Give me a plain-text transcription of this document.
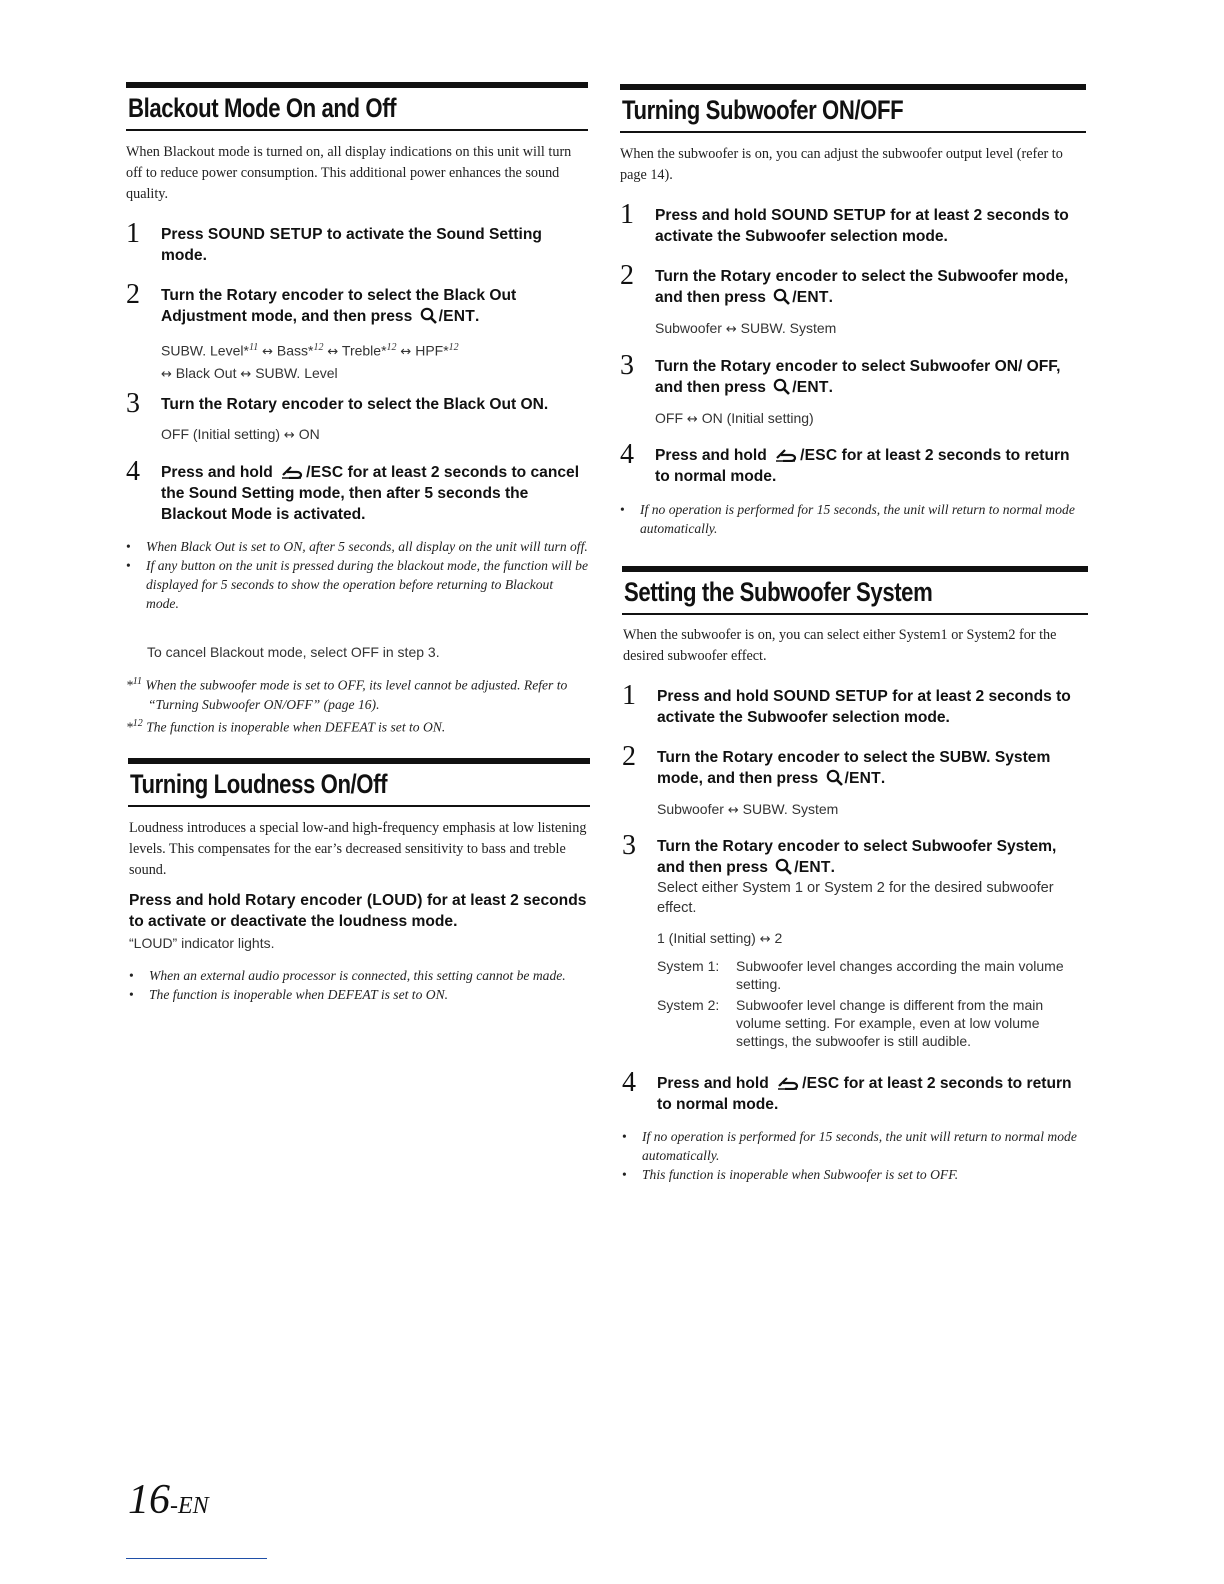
Blackout Mode On and Off
When Blackout mode is turned on, all display indications on this unit will turn off to reduce power consumption. This additional power enhances the sound quality.
1 Press SOUND SETUP to activate the Sound Setting mode.
2 Turn the Rotary encoder to select the Black Out Adjustment mode, and then press /ENT.
SUBW. Level*$^{11}$ ↔ Bass*$^{12}$ ↔ Treble*$^{12}$ ↔ HPF*$^{12}$
↔ Black Out ↔ SUBW. Level
3 Turn the Rotary encoder to select the Black Out ON.
OFF (Initial setting) ↔ ON
4 Press and hold /ESC for at least 2 seconds to cancel the Sound Setting mode, then after 5 seconds the Blackout Mode is activated.
• When Black Out is set to ON, after 5 seconds, all display on the unit will turn off.
• If any button on the unit is pressed during the blackout mode, the function will be displayed for 5 seconds to show the operation before returning to Blackout mode.
To cancel Blackout mode, select OFF in step 3.
*$^{11}$ When the subwoofer mode is set to OFF, its level cannot be adjusted. Refer to “Turning Subwoofer ON/OFF” (page 16).
*$^{12}$ The function is inoperable when DEFEAT is set to ON.
Turning Loudness On/Off
Loudness introduces a special low-and high-frequency emphasis at low listening levels. This compensates for the ear’s decreased sensitivity to bass and treble sound.
Press and hold Rotary encoder (LOUD) for at least 2 seconds to activate or deactivate the loudness mode.
“LOUD” indicator lights.
• When an external audio processor is connected, this setting cannot be made.
• The function is inoperable when DEFEAT is set to ON.
Turning Subwoofer ON/OFF
When the subwoofer is on, you can adjust the subwoofer output level (refer to page 14).
1 Press and hold SOUND SETUP for at least 2 seconds to activate the Subwoofer selection mode.
2 Turn the Rotary encoder to select the Subwoofer mode, and then press /ENT.
Subwoofer ↔ SUBW. System
3 Turn the Rotary encoder to select Subwoofer ON/ OFF, and then press /ENT.
OFF ↔ ON (Initial setting)
4 Press and hold /ESC for at least 2 seconds to return to normal mode.
• If no operation is performed for 15 seconds, the unit will return to normal mode automatically.
Setting the Subwoofer System
When the subwoofer is on, you can select either System1 or System2 for the desired subwoofer effect.
1 Press and hold SOUND SETUP for at least 2 seconds to activate the Subwoofer selection mode.
2 Turn the Rotary encoder to select the SUBW. System mode, and then press /ENT.
Subwoofer ↔ SUBW. System
3 Turn the Rotary encoder to select Subwoofer System, and then press /ENT.
Select either System 1 or System 2 for the desired subwoofer effect.
1 (Initial setting) ↔ 2
System 1: Subwoofer level changes according the main volume setting.
System 2: Subwoofer level change is different from the main volume setting. For example, even at low volume settings, the subwoofer is still audible.
4 Press and hold /ESC for at least 2 seconds to return to normal mode.
• If no operation is performed for 15 seconds, the unit will return to normal mode automatically.
• This function is inoperable when Subwoofer is set to OFF.
16-EN
